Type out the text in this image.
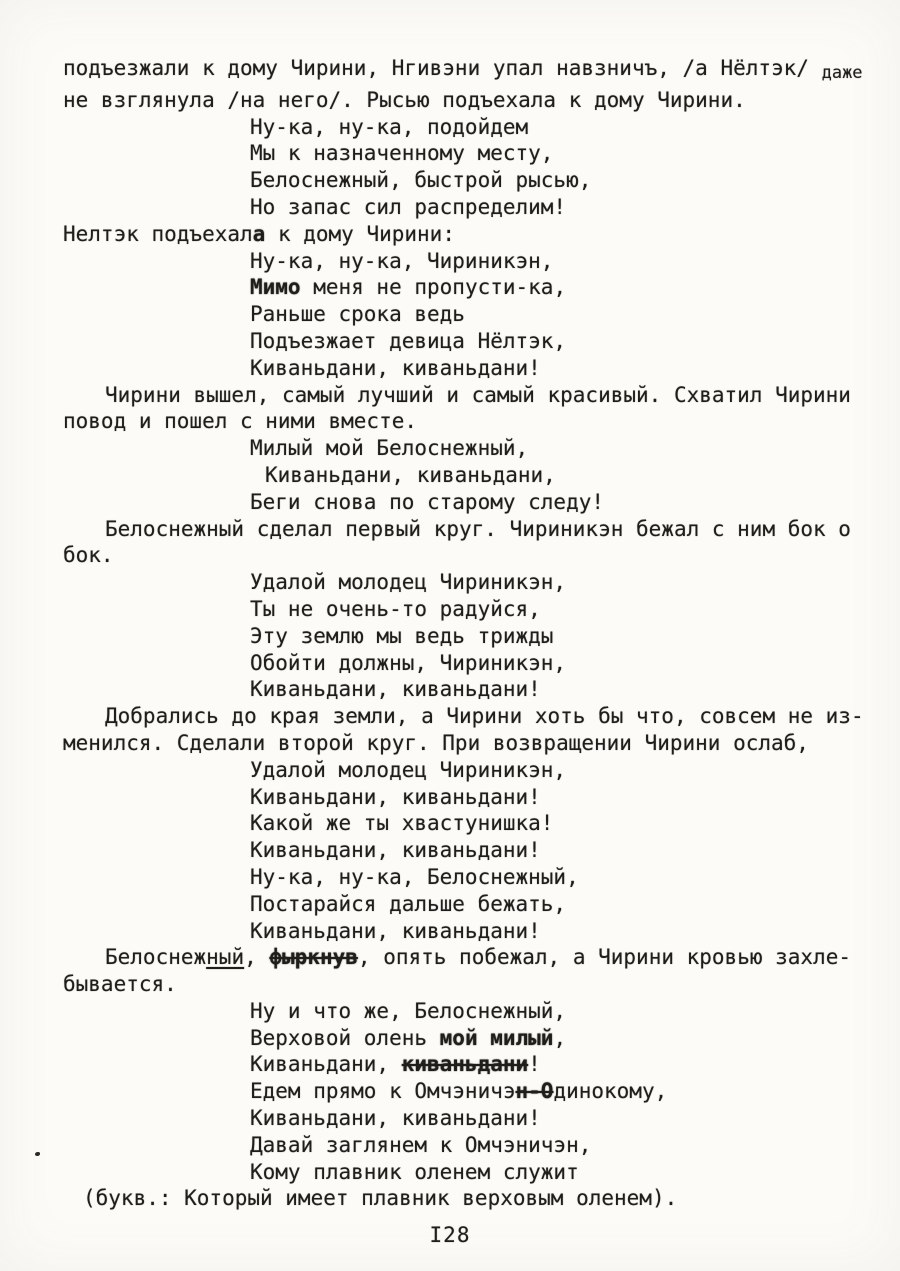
подъезжали к дому Чирини, Нгивэни упал навзничъ, /а Нёлтэк/ даже
не взглянула /на него/. Рысью подъехала к дому Чирини.
Ну-ка, ну-ка, подойдем
Мы к назначенному месту,
Белоснежный, быстрой рысью,
Но запас сил распределим!
Нелтэк подъехала к дому Чирини:
Ну-ка, ну-ка, Чириникэн,
Мимо меня не пропусти-ка,
Раньше срока ведь
Подъезжает девица Нёлтэк,
Киваньдани, киваньдани!
Чирини вышел, самый лучший и самый красивый. Схватил Чирини
повод и пошел с ними вместе.
Милый мой Белоснежный,
Киваньдани, киваньдани,
Беги снова по старому следу!
Белоснежный сделал первый круг. Чириникэн бежал с ним бок о
бок.
Удалой молодец Чириникэн,
Ты не очень-то радуйся,
Эту землю мы ведь трижды
Обойти должны, Чириникэн,
Киваньдани, киваньдани!
Добрались до края земли, а Чирини хоть бы что, совсем не из-
менился. Сделали второй круг. При возвращении Чирини ослаб,
Удалой молодец Чириникэн,
Киваньдани, киваньдани!
Какой же ты хвастунишка!
Киваньдани, киваньдани!
Ну-ка, ну-ка, Белоснежный,
Постарайся дальше бежать,
Киваньдани, киваньдани!
Белоснежный, фыркнув, опять побежал, а Чирини кровью захле-
бывается.
Ну и что же, Белоснежный,
Верховой олень мой милый,
Киваньдани, киваньдани!
Едем прямо к Омчэничэн-Одинокому,
Киваньдани, киваньдани!
Давай заглянем к Омчэничэн,
Кому плавник оленем служит
(букв.: Который имеет плавник верховым оленем).
I28
